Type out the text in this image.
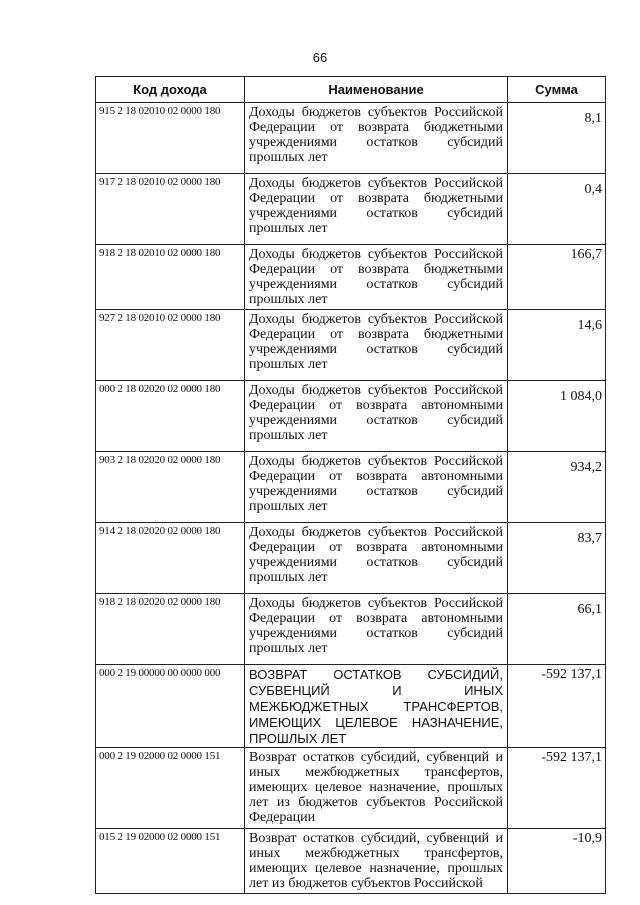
66
Код дохода	Наименование	Сумма
915 2 18 02010 02 0000 180	Доходы бюджетов субъектов Российской Федерации от возврата бюджетными учреждениями остатков субсидий прошлых лет	8,1
917 2 18 02010 02 0000 180	Доходы бюджетов субъектов Российской Федерации от возврата бюджетными учреждениями остатков субсидий прошлых лет	0,4
918 2 18 02010 02 0000 180	Доходы бюджетов субъектов Российской Федерации от возврата бюджетными учреждениями остатков субсидий прошлых лет	166,7
927 2 18 02010 02 0000 180	Доходы бюджетов субъектов Российской Федерации от возврата бюджетными учреждениями остатков субсидий прошлых лет	14,6
000 2 18 02020 02 0000 180	Доходы бюджетов субъектов Российской Федерации от возврата автономными учреждениями остатков субсидий прошлых лет	1 084,0
903 2 18 02020 02 0000 180	Доходы бюджетов субъектов Российской Федерации от возврата автономными учреждениями остатков субсидий прошлых лет	934,2
914 2 18 02020 02 0000 180	Доходы бюджетов субъектов Российской Федерации от возврата автономными учреждениями остатков субсидий прошлых лет	83,7
918 2 18 02020 02 0000 180	Доходы бюджетов субъектов Российской Федерации от возврата автономными учреждениями остатков субсидий прошлых лет	66,1
000 2 19 00000 00 0000 000	ВОЗВРАТ ОСТАТКОВ СУБСИДИЙ, СУБВЕНЦИЙ И ИНЫХ МЕЖБЮДЖЕТНЫХ ТРАНСФЕРТОВ, ИМЕЮЩИХ ЦЕЛЕВОЕ НАЗНАЧЕНИЕ, ПРОШЛЫХ ЛЕТ	-592 137,1
000 2 19 02000 02 0000 151	Возврат остатков субсидий, субвенций и иных межбюджетных трансфертов, имеющих целевое назначение, прошлых лет из бюджетов субъектов Российской Федерации	-592 137,1
015 2 19 02000 02 0000 151	Возврат остатков субсидий, субвенций и иных межбюджетных трансфертов, имеющих целевое назначение, прошлых лет из бюджетов субъектов Российской	-10,9
